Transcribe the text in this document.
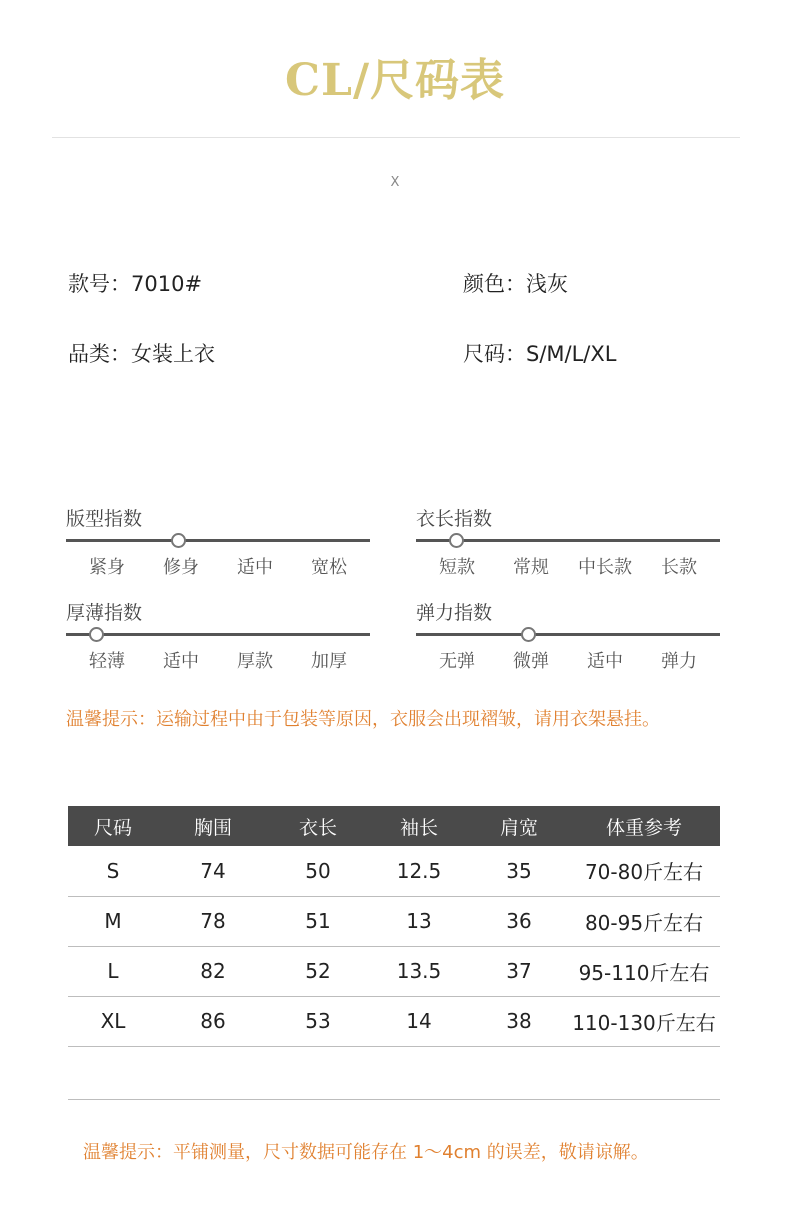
CL/尺码表
X
款号：7010#	颜色：浅灰
品类：女装上衣	尺码：S/M/L/XL
版型指数
紧身	修身	适中	宽松
衣长指数
短款	常规	中长款	长款
厚薄指数
轻薄	适中	厚款	加厚
弹力指数
无弹	微弹	适中	弹力
温馨提示：运输过程中由于包装等原因，衣服会出现褶皱，请用衣架悬挂。
尺码	胸围	衣长	袖长	肩宽	体重参考
S	74	50	12.5	35	70-80斤左右
M	78	51	13	36	80-95斤左右
L	82	52	13.5	37	95-110斤左右
XL	86	53	14	38	110-130斤左右
温馨提示：平铺测量，尺寸数据可能存在 1～4cm 的误差，敬请谅解。
